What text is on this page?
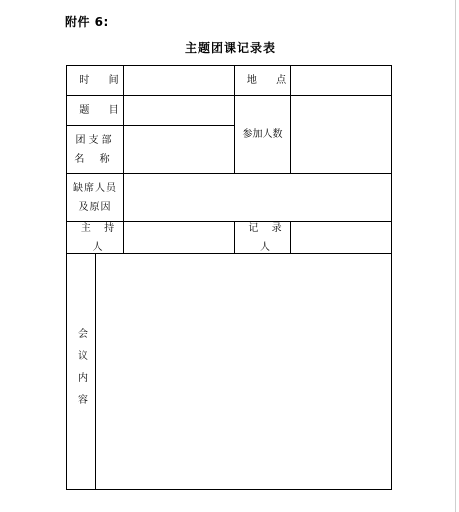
附件 6:
主题团课记录表
时 间	地 点
题 目
参加人数
团支部
名 称
缺席人员
及原因
主 持 人
记 录 人
会议内容
